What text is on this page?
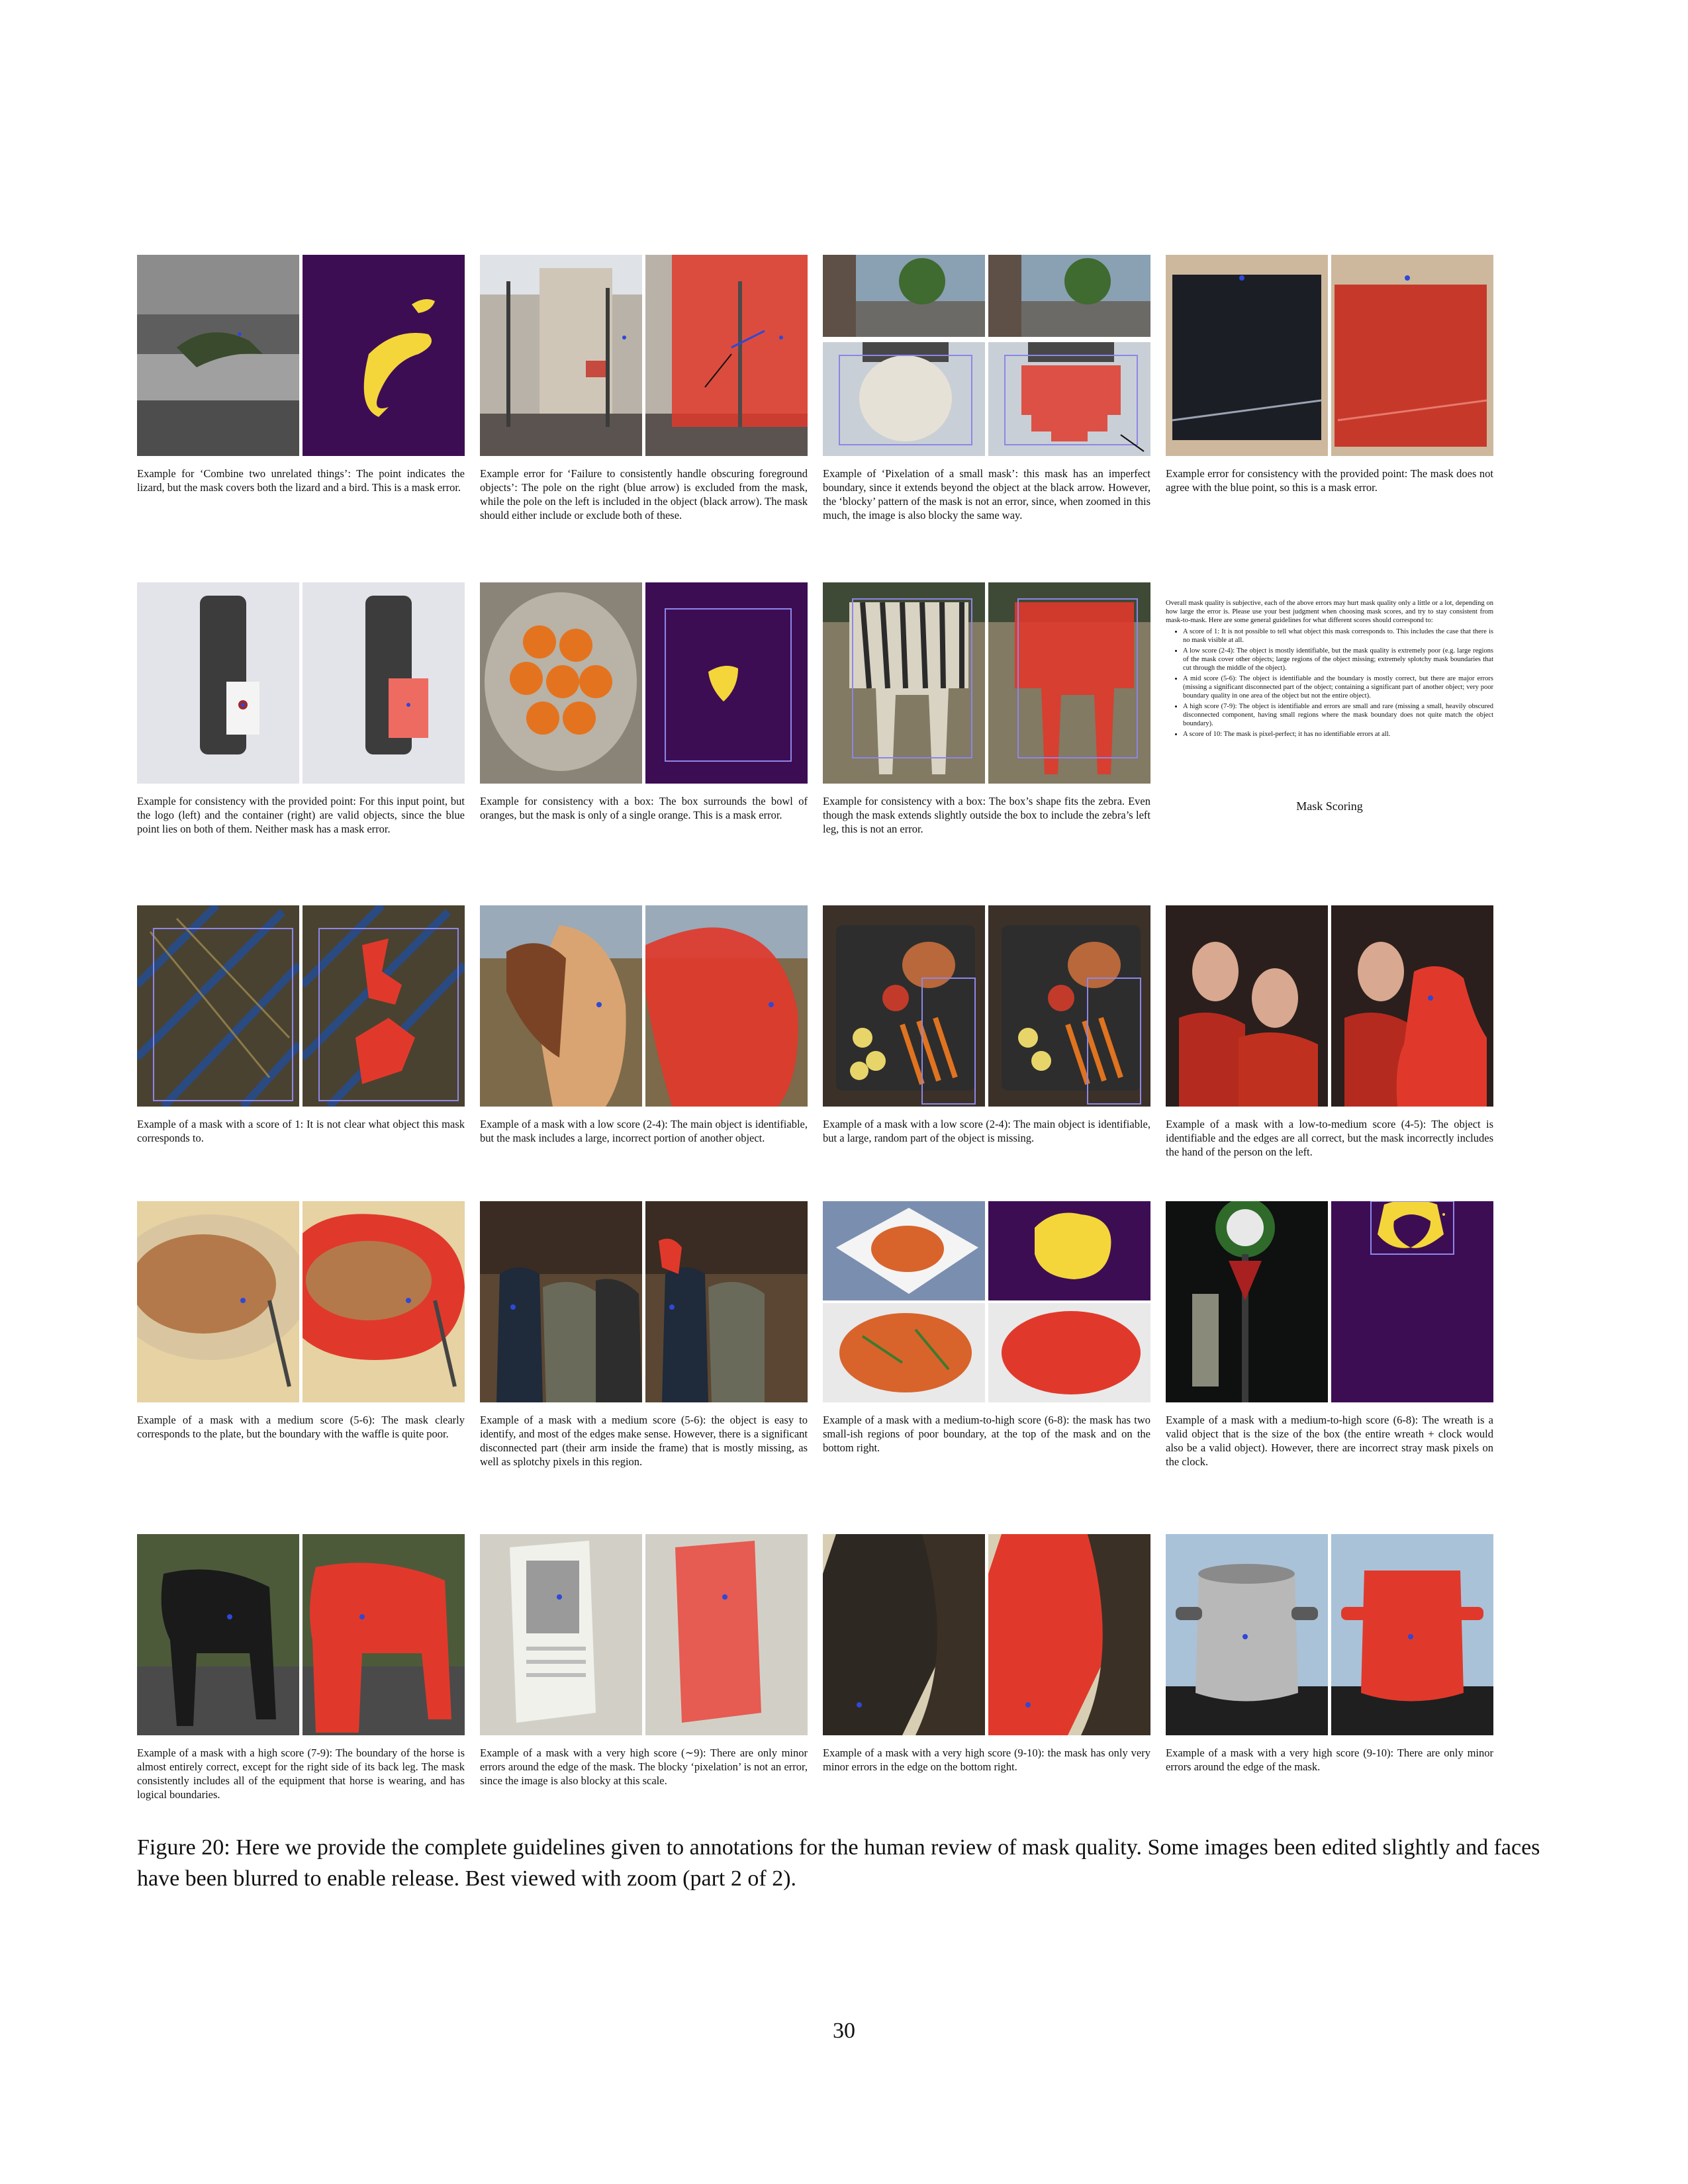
Example for ‘Combine two unrelated things’: The point indicates the lizard, but the mask covers both the lizard and a bird. This is a mask error.
Example error for ‘Failure to consistently handle obscuring foreground objects’: The pole on the right (blue arrow) is excluded from the mask, while the pole on the left is included in the object (black arrow). The mask should either include or exclude both of these.
Example of ‘Pixelation of a small mask’: this mask has an imperfect boundary, since it extends beyond the object at the black arrow. However, the ‘blocky’ pattern of the mask is not an error, since, when zoomed in this much, the image is also blocky the same way.
Example error for consistency with the provided point: The mask does not agree with the blue point, so this is a mask error.
Example for consistency with the provided point: For this input point, but the logo (left) and the container (right) are valid objects, since the blue point lies on both of them. Neither mask has a mask error.
Example for consistency with a box: The box surrounds the bowl of oranges, but the mask is only of a single orange. This is a mask error.
Example for consistency with a box: The box’s shape fits the zebra. Even though the mask extends slightly outside the box to include the zebra’s left leg, this is not an error.
Overall mask quality is subjective, each of the above errors may hurt mask quality only a little or a lot, depending on how large the error is. Please use your best judgment when choosing mask scores, and try to stay consistent from mask-to-mask. Here are some general guidelines for what different scores should correspond to:
• A score of 1: It is not possible to tell what object this mask corresponds to. This includes the case that there is no mask visible at all.
• A low score (2-4): The object is mostly identifiable, but the mask quality is extremely poor (e.g. large regions of the mask cover other objects; large regions of the object missing; extremely splotchy mask boundaries that cut through the middle of the object).
• A mid score (5-6): The object is identifiable and the boundary is mostly correct, but there are major errors (missing a significant disconnected part of the object; containing a significant part of another object; very poor boundary quality in one area of the object but not the entire object).
• A high score (7-9): The object is identifiable and errors are small and rare (missing a small, heavily obscured disconnected component, having small regions where the mask boundary does not quite match the object boundary).
• A score of 10: The mask is pixel-perfect; it has no identifiable errors at all.
Mask Scoring
Example of a mask with a score of 1: It is not clear what object this mask corresponds to.
Example of a mask with a low score (2-4): The main object is identifiable, but the mask includes a large, incorrect portion of another object.
Example of a mask with a low score (2-4): The main object is identifiable, but a large, random part of the object is missing.
Example of a mask with a low-to-medium score (4-5): The object is identifiable and the edges are all correct, but the mask incorrectly includes the hand of the person on the left.
Example of a mask with a medium score (5-6): The mask clearly corresponds to the plate, but the boundary with the waffle is quite poor.
Example of a mask with a medium score (5-6): the object is easy to identify, and most of the edges make sense. However, there is a significant disconnected part (their arm inside the frame) that is mostly missing, as well as splotchy pixels in this region.
Example of a mask with a medium-to-high score (6-8): the mask has two small-ish regions of poor boundary, at the top of the mask and on the bottom right.
Example of a mask with a medium-to-high score (6-8): The wreath is a valid object that is the size of the box (the entire wreath + clock would also be a valid object). However, there are incorrect stray mask pixels on the clock.
Example of a mask with a high score (7-9): The boundary of the horse is almost entirely correct, except for the right side of its back leg. The mask consistently includes all of the equipment that horse is wearing, and has logical boundaries.
Example of a mask with a very high score (∼9): There are only minor errors around the edge of the mask. The blocky ‘pixelation’ is not an error, since the image is also blocky at this scale.
Example of a mask with a very high score (9-10): the mask has only very minor errors in the edge on the bottom right.
Example of a mask with a very high score (9-10): There are only minor errors around the edge of the mask.
Figure 20: Here we provide the complete guidelines given to annotations for the human review of mask quality. Some images been edited slightly and faces have been blurred to enable release. Best viewed with zoom (part 2 of 2).
30
